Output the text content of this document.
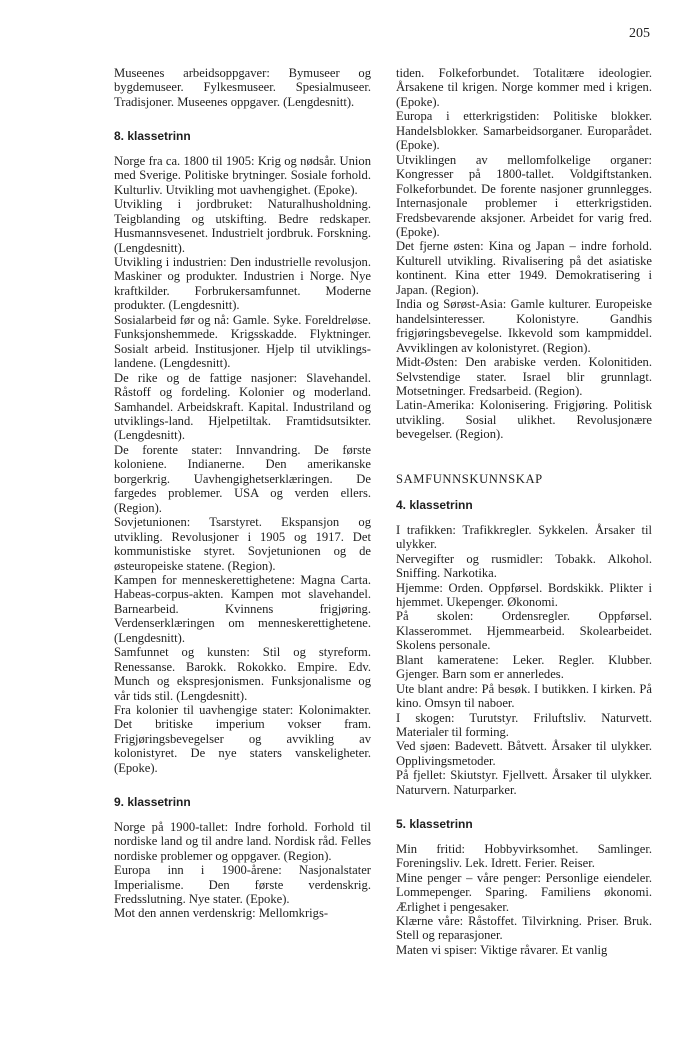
205

Museenes arbeidsoppgaver: Bymuseer og bygdemuseer. Fylkesmuseer. Spesialmuseer. Tradisjoner. Museenes oppgaver. (Lengdesnitt).

8. klassetrinn

Norge fra ca. 1800 til 1905: Krig og nødsår. Union med Sverige. Politiske brytninger. Sosiale forhold. Kulturliv. Utvikling mot uavhengighet. (Epoke).

Utvikling i jordbruket: Naturalhusholdning. Teigblanding og utskifting. Bedre redskaper. Husmannsvesenet. Industrielt jordbruk. Forskning. (Lengdesnitt).

Utvikling i industrien: Den industrielle revolusjon. Maskiner og produkter. Industrien i Norge. Nye kraftkilder. Forbrukersamfunnet. Moderne produkter. (Lengdesnitt).

Sosialarbeid før og nå: Gamle. Syke. Foreldreløse. Funksjonshemmede. Krigsskadde. Flyktninger. Sosialt arbeid. Institusjoner. Hjelp til utviklings-landene. (Lengdesnitt).

De rike og de fattige nasjoner: Slavehandel. Råstoff og fordeling. Kolonier og moderland. Samhandel. Arbeidskraft. Kapital. Industriland og utviklings-land. Hjelpetiltak. Framtidsutsikter. (Lengdesnitt).

De forente stater: Innvandring. De første koloniene. Indianerne. Den amerikanske borgerkrig. Uavhengighetserklæringen. De fargedes problemer. USA og verden ellers. (Region).

Sovjetunionen: Tsarstyret. Ekspansjon og utvikling. Revolusjoner i 1905 og 1917. Det kommunistiske styret. Sovjetunionen og de østeuropeiske statene. (Region).

Kampen for menneskerettighetene: Magna Carta. Habeas-corpus-akten. Kampen mot slavehandel. Barnearbeid. Kvinnens frigjøring. Verdenserklæringen om menneskerettighetene. (Lengdesnitt).

Samfunnet og kunsten: Stil og styreform. Renessanse. Barokk. Rokokko. Empire. Edv. Munch og ekspresjonismen. Funksjonalisme og vår tids stil. (Lengdesnitt).

Fra kolonier til uavhengige stater: Kolonimakter. Det britiske imperium vokser fram. Frigjøringsbevegelser og avvikling av kolonistyret. De nye staters vanskeligheter. (Epoke).

9. klassetrinn

Norge på 1900-tallet: Indre forhold. Forhold til nordiske land og til andre land. Nordisk råd. Felles nordiske problemer og oppgaver. (Region).

Europa inn i 1900-årene: Nasjonalstater Imperialisme. Den første verdenskrig. Fredsslutning. Nye stater. (Epoke).

Mot den annen verdenskrig: Mellomkrigs-

tiden. Folkeforbundet. Totalitære ideologier. Årsakene til krigen. Norge kommer med i krigen. (Epoke).

Europa i etterkrigstiden: Politiske blokker. Handelsblokker. Samarbeidsorganer. Europarådet. (Epoke).

Utviklingen av mellomfolkelige organer: Kongresser på 1800-tallet. Voldgiftstanken. Folkeforbundet. De forente nasjoner grunnlegges. Internasjonale problemer i etterkrigstiden. Fredsbevarende aksjoner. Arbeidet for varig fred. (Epoke).

Det fjerne østen: Kina og Japan – indre forhold. Kulturell utvikling. Rivalisering på det asiatiske kontinent. Kina etter 1949. Demokratisering i Japan. (Region).

India og Sørøst-Asia: Gamle kulturer. Europeiske handelsinteresser. Kolonistyre. Gandhis frigjøringsbevegelse. Ikkevold som kampmiddel. Avviklingen av kolonistyret. (Region).

Midt-Østen: Den arabiske verden. Kolonitiden. Selvstendige stater. Israel blir grunnlagt. Motsetninger. Fredsarbeid. (Region).

Latin-Amerika: Kolonisering. Frigjøring. Politisk utvikling. Sosial ulikhet. Revolusjonære bevegelser. (Region).

SAMFUNNSKUNNSKAP
4. klassetrinn

I trafikken: Trafikkregler. Sykkelen. Årsaker til ulykker.

Nervegifter og rusmidler: Tobakk. Alkohol. Sniffing. Narkotika.

Hjemme: Orden. Oppførsel. Bordskikk. Plikter i hjemmet. Ukepenger. Økonomi.

På skolen: Ordensregler. Oppførsel. Klasserommet. Hjemmearbeid. Skolearbeidet. Skolens personale.

Blant kameratene: Leker. Regler. Klubber. Gjenger. Barn som er annerledes.

Ute blant andre: På besøk. I butikken. I kirken. På kino. Omsyn til naboer.

I skogen: Turutstyr. Friluftsliv. Naturvett. Materialer til forming.

Ved sjøen: Badevett. Båtvett. Årsaker til ulykker. Opplivingsmetoder.

På fjellet: Skiutstyr. Fjellvett. Årsaker til ulykker. Naturvern. Naturparker.

5. klassetrinn

Min fritid: Hobbyvirksomhet. Samlinger. Foreningsliv. Lek. Idrett. Ferier. Reiser.

Mine penger – våre penger: Personlige eiendeler. Lommepenger. Sparing. Familiens økonomi. Ærlighet i pengesaker.

Klærne våre: Råstoffet. Tilvirkning. Priser. Bruk. Stell og reparasjoner.

Maten vi spiser: Viktige råvarer. Et vanlig
